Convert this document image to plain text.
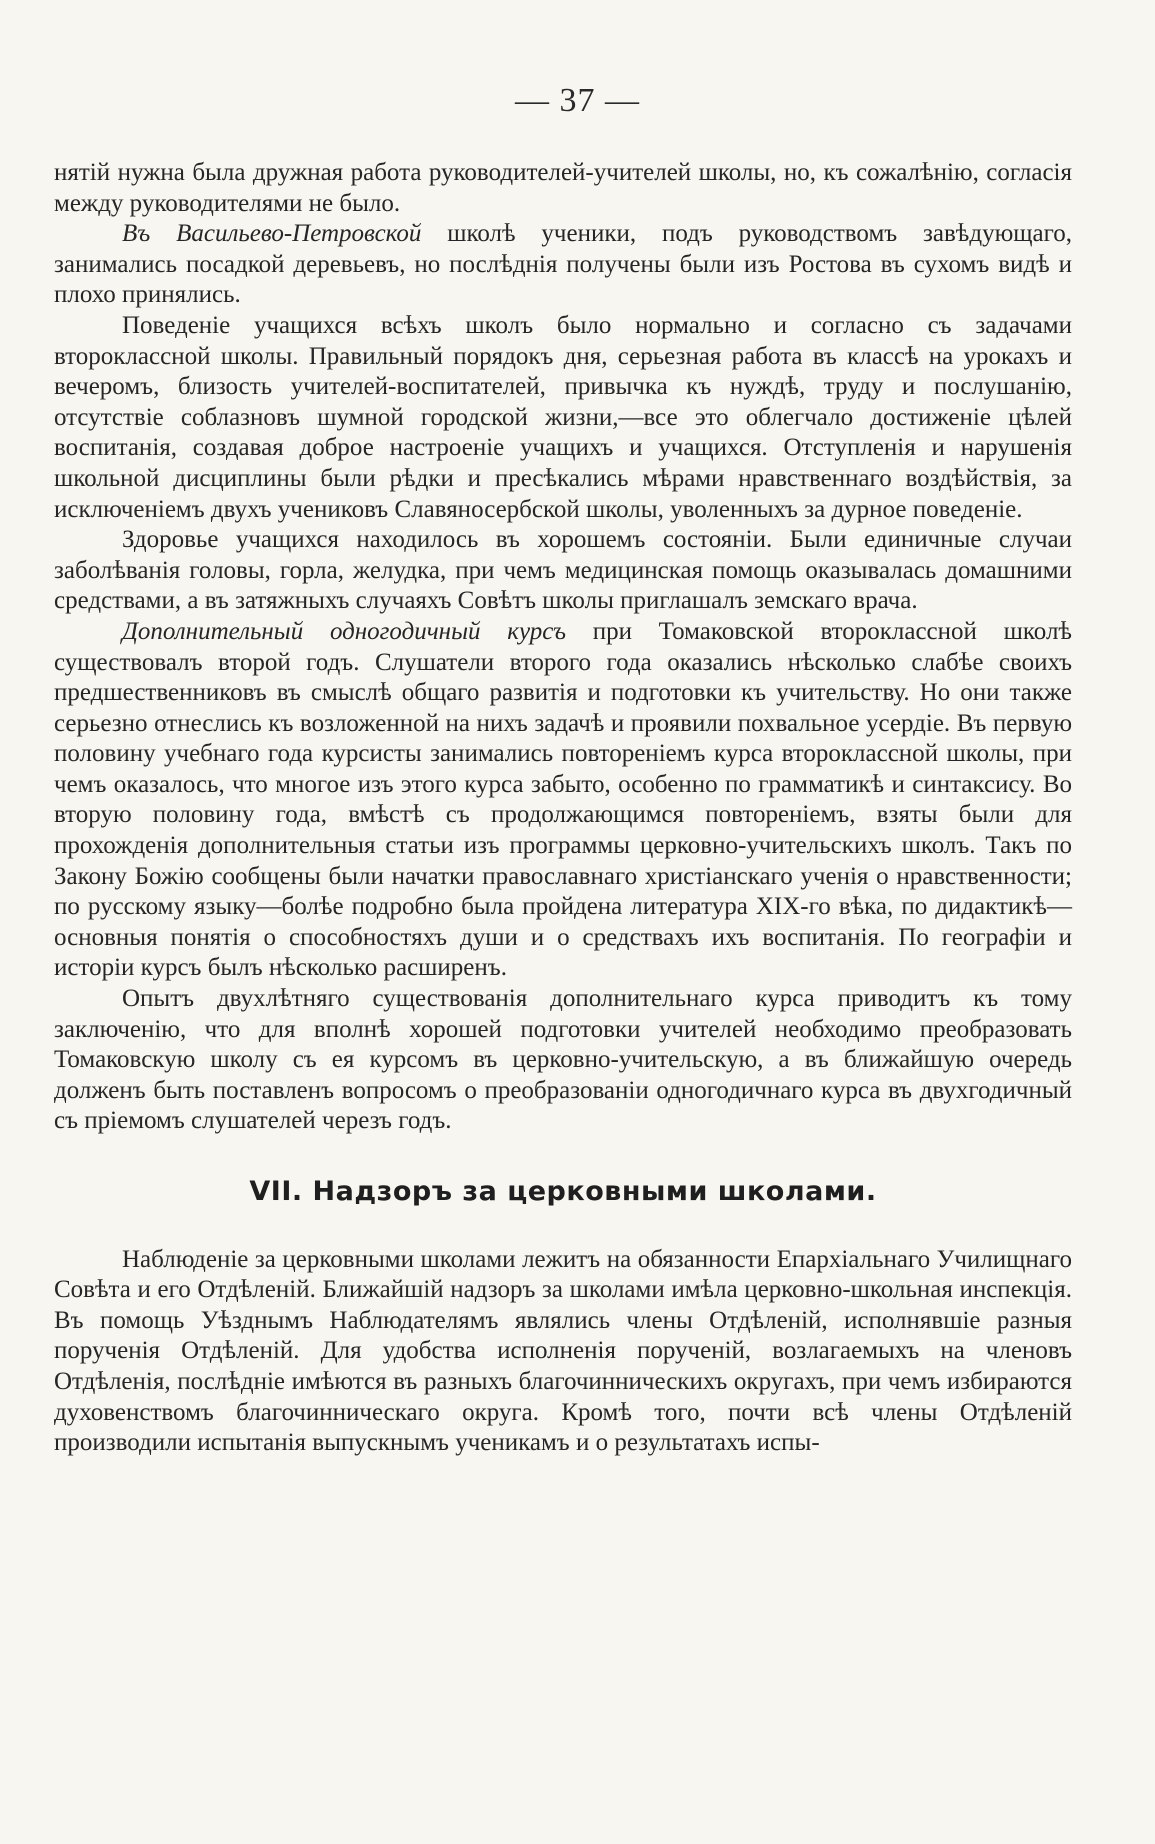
— 37 —

нятій нужна была дружная работа руководителей-учителей школы, но, къ сожалѣнію, согласія между руководителями не было.

Въ Васильево-Петровской школѣ ученики, подъ руководствомъ завѣдующаго, занимались посадкой деревьевъ, но послѣднія получены были изъ Ростова въ сухомъ видѣ и плохо принялись.

Поведеніе учащихся всѣхъ школъ было нормально и согласно съ задачами второклассной школы. Правильный порядокъ дня, серьезная работа въ классѣ на урокахъ и вечеромъ, близость учителей-воспитателей, привычка къ нуждѣ, труду и послушанію, отсутствіе соблазновъ шумной городской жизни,—все это облегчало достиженіе цѣлей воспитанія, создавая доброе настроеніе учащихъ и учащихся. Отступленія и нарушенія школьной дисциплины были рѣдки и пресѣкались мѣрами нравственнаго воздѣйствія, за исключеніемъ двухъ учениковъ Славяносербской школы, уволенныхъ за дурное поведеніе.

Здоровье учащихся находилось въ хорошемъ состояніи. Были единичные случаи заболѣванія головы, горла, желудка, при чемъ медицинская помощь оказывалась домашними средствами, а въ затяжныхъ случаяхъ Совѣтъ школы приглашалъ земскаго врача.

Дополнительный одногодичный курсъ при Томаковской второклассной школѣ существовалъ второй годъ. Слушатели второго года оказались нѣсколько слабѣе своихъ предшественниковъ въ смыслѣ общаго развитія и подготовки къ учительству. Но они также серьезно отнеслись къ возложенной на нихъ задачѣ и проявили похвальное усердіе. Въ первую половину учебнаго года курсисты занимались повтореніемъ курса второклассной школы, при чемъ оказалось, что многое изъ этого курса забыто, особенно по грамматикѣ и синтаксису. Во вторую половину года, вмѣстѣ съ продолжающимся повтореніемъ, взяты были для прохожденія дополнительныя статьи изъ программы церковно-учительскихъ школъ. Такъ по Закону Божію сообщены были начатки православнаго христіанскаго ученія о нравственности; по русскому языку—болѣе подробно была пройдена литература XIX-го вѣка, по дидактикѣ—основныя понятія о способностяхъ души и о средствахъ ихъ воспитанія. По географіи и исторіи курсъ былъ нѣсколько расширенъ.

Опытъ двухлѣтняго существованія дополнительнаго курса приводитъ къ тому заключенію, что для вполнѣ хорошей подготовки учителей необходимо преобразовать Томаковскую школу съ ея курсомъ въ церковно-учительскую, а въ ближайшую очередь долженъ быть поставленъ вопросомъ о преобразованіи одногодичнаго курса въ двухгодичный съ пріемомъ слушателей черезъ годъ.

VII. Надзоръ за церковными школами.

Наблюденіе за церковными школами лежитъ на обязанности Епархіальнаго Училищнаго Совѣта и его Отдѣленій. Ближайшій надзоръ за школами имѣла церковно-школьная инспекція. Въ помощь Уѣзднымъ Наблюдателямъ являлись члены Отдѣленій, исполнявшіе разныя порученія Отдѣленій. Для удобства исполненія порученій, возлагаемыхъ на членовъ Отдѣленія, послѣдніе имѣются въ разныхъ благочинническихъ округахъ, при чемъ избираются духовенствомъ благочинническаго округа. Кромѣ того, почти всѣ члены Отдѣленій производили испытанія выпускнымъ ученикамъ и о результатахъ испы-
